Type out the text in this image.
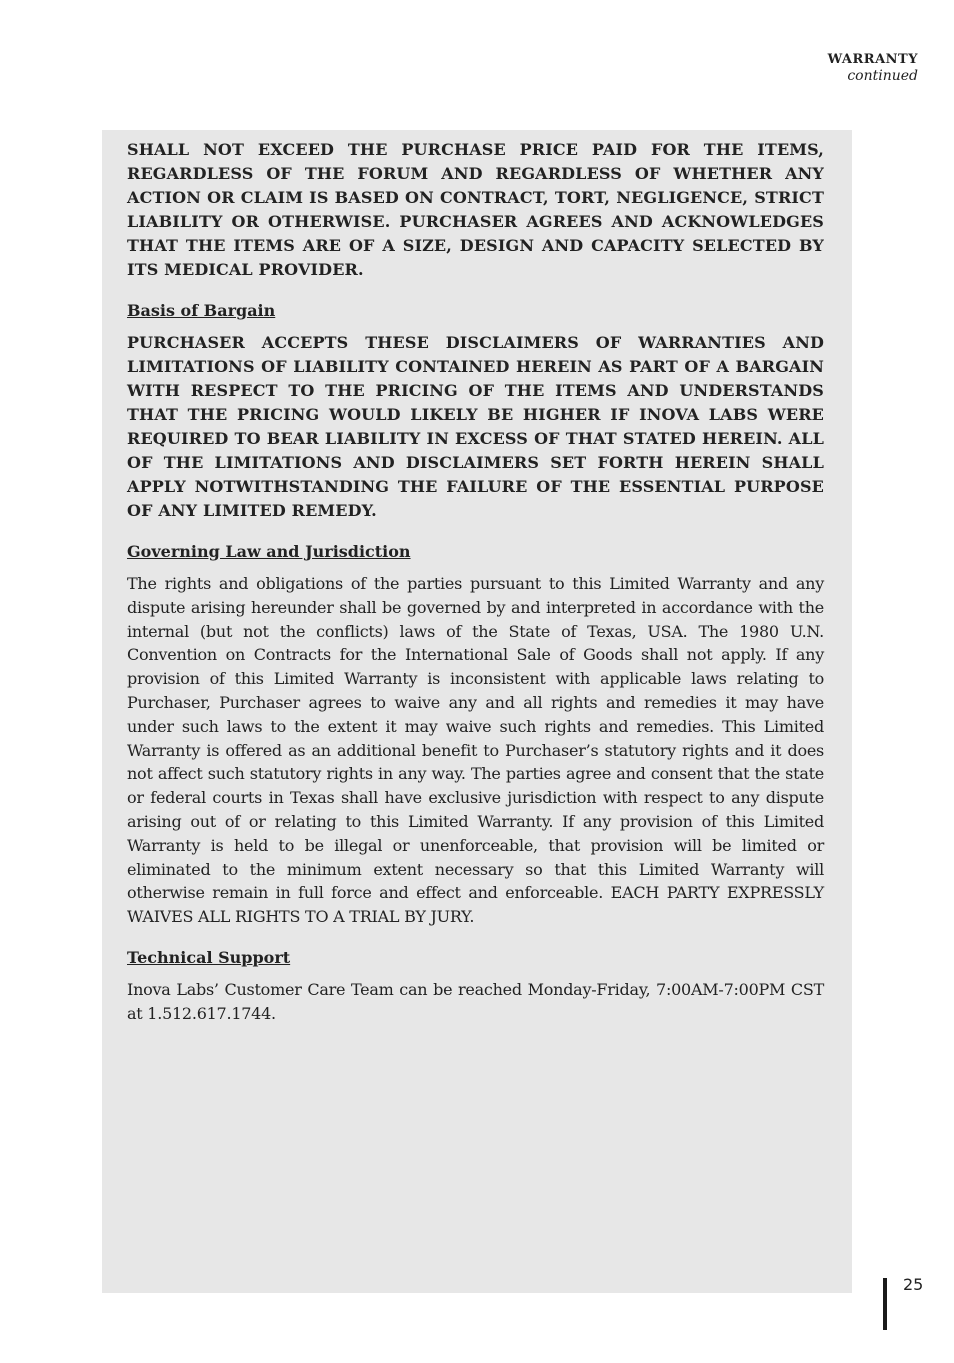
WARRANTY
continued

SHALL NOT EXCEED THE PURCHASE PRICE PAID FOR THE ITEMS, REGARDLESS OF THE FORUM AND REGARDLESS OF WHETHER ANY ACTION OR CLAIM IS BASED ON CONTRACT, TORT, NEGLIGENCE, STRICT LIABILITY OR OTHERWISE. PURCHASER AGREES AND ACKNOWLEDGES THAT THE ITEMS ARE OF A SIZE, DESIGN AND CAPACITY SELECTED BY ITS MEDICAL PROVIDER.

Basis of Bargain

PURCHASER ACCEPTS THESE DISCLAIMERS OF WARRANTIES AND LIMITATIONS OF LIABILITY CONTAINED HEREIN AS PART OF A BARGAIN WITH RESPECT TO THE PRICING OF THE ITEMS AND UNDERSTANDS THAT THE PRICING WOULD LIKELY BE HIGHER IF INOVA LABS WERE REQUIRED TO BEAR LIABILITY IN EXCESS OF THAT STATED HEREIN. ALL OF THE LIMITATIONS AND DISCLAIMERS SET FORTH HEREIN SHALL APPLY NOTWITHSTANDING THE FAILURE OF THE ESSENTIAL PURPOSE OF ANY LIMITED REMEDY.

Governing Law and Jurisdiction

The rights and obligations of the parties pursuant to this Limited Warranty and any dispute arising hereunder shall be governed by and interpreted in accordance with the internal (but not the conflicts) laws of the State of Texas, USA. The 1980 U.N. Convention on Contracts for the International Sale of Goods shall not apply. If any provision of this Limited Warranty is inconsistent with applicable laws relating to Purchaser, Purchaser agrees to waive any and all rights and remedies it may have under such laws to the extent it may waive such rights and remedies. This Limited Warranty is offered as an additional benefit to Purchaser’s statutory rights and it does not affect such statutory rights in any way. The parties agree and consent that the state or federal courts in Texas shall have exclusive jurisdiction with respect to any dispute arising out of or relating to this Limited Warranty. If any provision of this Limited Warranty is held to be illegal or unenforceable, that provision will be limited or eliminated to the minimum extent necessary so that this Limited Warranty will otherwise remain in full force and effect and enforceable. EACH PARTY EXPRESSLY WAIVES ALL RIGHTS TO A TRIAL BY JURY.

Technical Support

Inova Labs’ Customer Care Team can be reached Monday-Friday, 7:00AM-7:00PM CST at 1.512.617.1744.

25
